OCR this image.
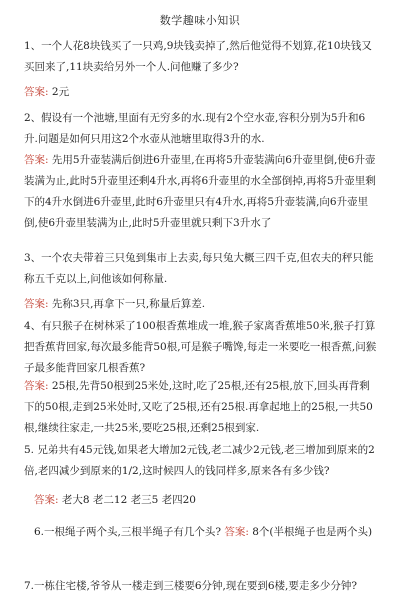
数学趣味小知识
1、一个人花8块钱买了一只鸡,9块钱卖掉了,然后他觉得不划算,花10块钱又买回来了,11块卖给另外一个人.问他赚了多少?
答案: 2元
2、假设有一个池塘,里面有无穷多的水.现有2个空水壶,容积分别为5升和6升.问题是如何只用这2个水壶从池塘里取得3升的水.
答案: 先用5升壶装满后倒进6升壶里,在再将5升壶装满向6升壶里倒,使6升壶装满为止,此时5升壶里还剩4升水,再将6升壶里的水全部倒掉,再将5升壶里剩下的4升水倒进6升壶里,此时6升壶里只有4升水,再将5升壶装满,向6升壶里倒,使6升壶里装满为止,此时5升壶里就只剩下3升水了
3、一个农夫带着三只兔到集市上去卖,每只兔大概三四千克,但农夫的秤只能称五千克以上,问他该如何称量.
答案: 先称3只,再拿下一只,称量后算差.
4、有只猴子在树林采了100根香蕉堆成一堆,猴子家离香蕉堆50米,猴子打算把香蕉背回家,每次最多能背50根,可是猴子嘴馋,每走一米要吃一根香蕉,问猴子最多能背回家几根香蕉?
答案: 25根,先背50根到25米处,这时,吃了25根,还有25根,放下,回头再背剩下的50根,走到25米处时,又吃了25根,还有25根.再拿起地上的25根,一共50根,继续往家走,一共25米,要吃25根,还剩25根到家.
5. 兄弟共有45元钱,如果老大增加2元钱,老二减少2元钱,老三增加到原来的2倍,老四减少到原来的1/2,这时候四人的钱同样多,原来各有多少钱?
答案: 老大8 老二12 老三5 老四20
6.一根绳子两个头,三根半绳子有几个头? 答案: 8个(半根绳子也是两个头)
7.一栋住宅楼,爷爷从一楼走到三楼要6分钟,现在要到6楼,要走多少分钟?
